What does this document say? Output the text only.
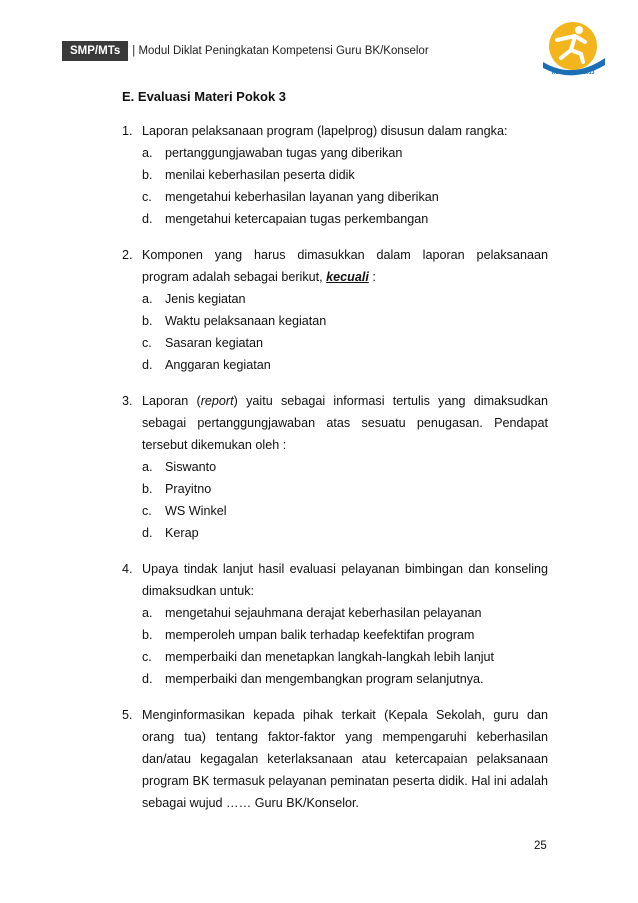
SMP/MTs	| Modul Diklat Peningkatan Kompetensi Guru BK/Konselor
KURIKULUM 2013
E. Evaluasi Materi Pokok 3
1. Laporan pelaksanaan program (lapelprog) disusun dalam rangka:
a. pertanggungjawaban tugas yang diberikan
b. menilai keberhasilan peserta didik
c.	mengetahui keberhasilan layanan yang diberikan
d. mengetahui ketercapaian tugas perkembangan
2. Komponen yang harus dimasukkan dalam laporan pelaksanaan program adalah sebagai berikut, kecuali :
a. Jenis kegiatan
b. Waktu pelaksanaan kegiatan
c.	Sasaran kegiatan
d. Anggaran kegiatan
3. Laporan (report) yaitu sebagai informasi tertulis yang dimaksudkan sebagai pertanggungjawaban atas sesuatu penugasan. Pendapat tersebut dikemukan oleh :
a. Siswanto
b. Prayitno
c.	WS Winkel
d. Kerap
4. Upaya tindak lanjut hasil evaluasi pelayanan bimbingan dan konseling dimaksudkan untuk:
a. mengetahui sejauhmana derajat keberhasilan pelayanan
b. memperoleh umpan balik terhadap keefektifan program
c.	memperbaiki dan menetapkan langkah-langkah lebih lanjut
d. memperbaiki dan mengembangkan program selanjutnya.
5. Menginformasikan kepada pihak terkait (Kepala Sekolah, guru dan orang tua) tentang faktor-faktor yang mempengaruhi keberhasilan dan/atau kegagalan keterlaksanaan atau ketercapaian pelaksanaan program BK termasuk pelayanan peminatan peserta didik. Hal ini adalah sebagai wujud …… Guru BK/Konselor.
25
